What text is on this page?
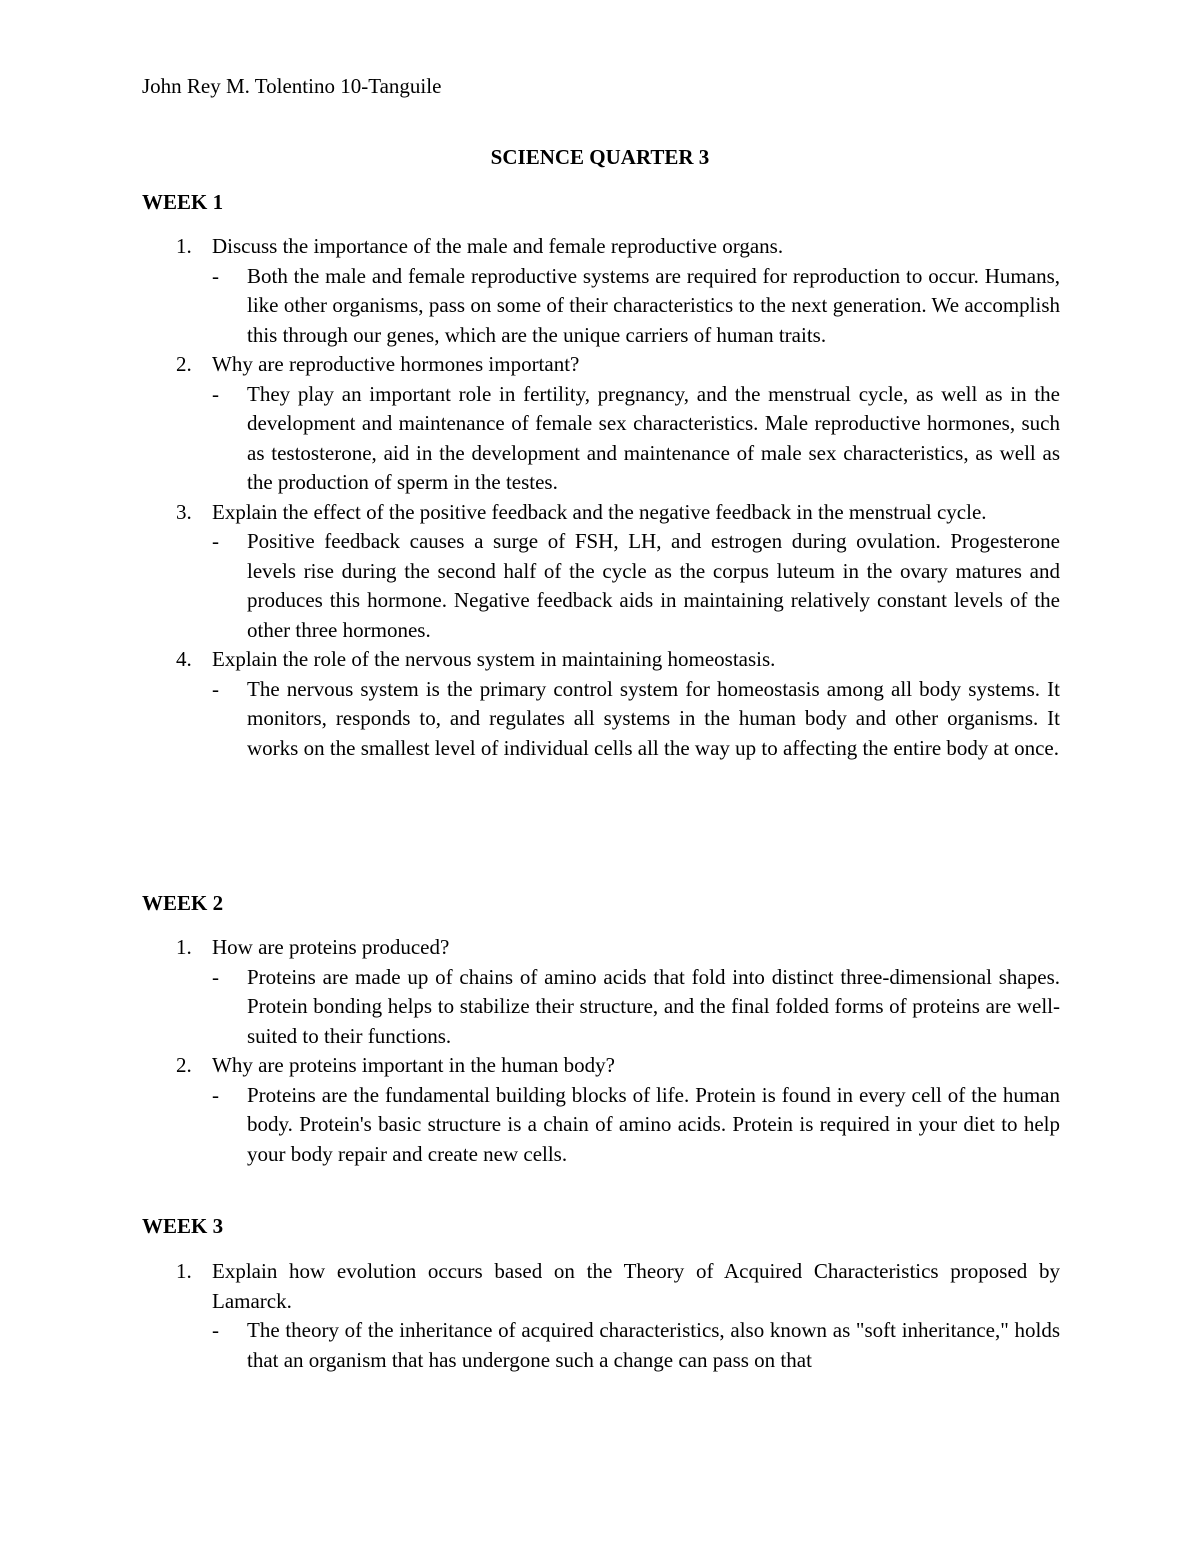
John Rey M. Tolentino 10-Tanguile

SCIENCE QUARTER 3
WEEK 1
1. Discuss the importance of the male and female reproductive organs.
- Both the male and female reproductive systems are required for reproduction to occur. Humans, like other organisms, pass on some of their characteristics to the next generation. We accomplish this through our genes, which are the unique carriers of human traits.
2. Why are reproductive hormones important?
- They play an important role in fertility, pregnancy, and the menstrual cycle, as well as in the development and maintenance of female sex characteristics. Male reproductive hormones, such as testosterone, aid in the development and maintenance of male sex characteristics, as well as the production of sperm in the testes.
3. Explain the effect of the positive feedback and the negative feedback in the menstrual cycle.
- Positive feedback causes a surge of FSH, LH, and estrogen during ovulation. Progesterone levels rise during the second half of the cycle as the corpus luteum in the ovary matures and produces this hormone. Negative feedback aids in maintaining relatively constant levels of the other three hormones.
4. Explain the role of the nervous system in maintaining homeostasis.
- The nervous system is the primary control system for homeostasis among all body systems. It monitors, responds to, and regulates all systems in the human body and other organisms. It works on the smallest level of individual cells all the way up to affecting the entire body at once.
WEEK 2
1. How are proteins produced?
- Proteins are made up of chains of amino acids that fold into distinct three-dimensional shapes. Protein bonding helps to stabilize their structure, and the final folded forms of proteins are well-suited to their functions.
2. Why are proteins important in the human body?
- Proteins are the fundamental building blocks of life. Protein is found in every cell of the human body. Protein's basic structure is a chain of amino acids. Protein is required in your diet to help your body repair and create new cells.
WEEK 3
1. Explain how evolution occurs based on the Theory of Acquired Characteristics proposed by Lamarck.
- The theory of the inheritance of acquired characteristics, also known as "soft inheritance," holds that an organism that has undergone such a change can pass on that
